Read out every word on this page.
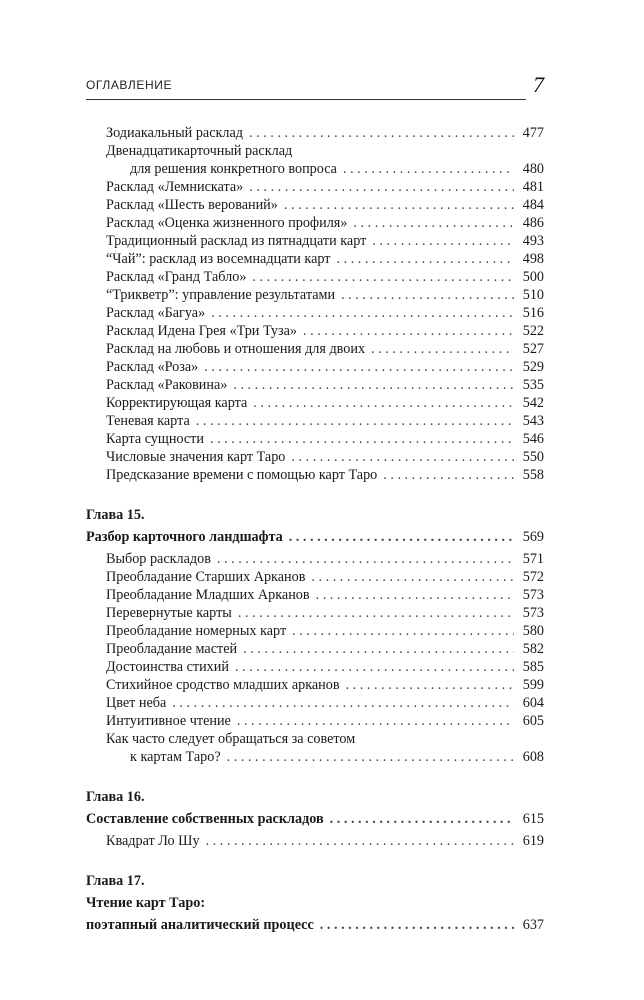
ОГЛАВЛЕНИЕ	7
Зодиакальный расклад . . .	477
Двенадцатикарточный расклад
для решения конкретного вопроса . . .	480
Расклад «Лемниската» . . .	481
Расклад «Шесть верований» . . .	484
Расклад «Оценка жизненного профиля» . . .	486
Традиционный расклад из пятнадцати карт . . .	493
“Чай”: расклад из восемнадцати карт . . .	498
Расклад «Гранд Табло» . . .	500
“Трикветр”: управление результатами . . .	510
Расклад «Багуа» . . .	516
Расклад Идена Грея «Три Туза» . . .	522
Расклад на любовь и отношения для двоих . . .	527
Расклад «Роза» . . .	529
Расклад «Раковина» . . .	535
Корректирующая карта . . .	542
Теневая карта . . .	543
Карта сущности . . .	546
Числовые значения карт Таро . . .	550
Предсказание времени с помощью карт Таро . . .	558
Глава 15.
Разбор карточного ландшафта . . .	569
Выбор раскладов . . .	571
Преобладание Старших Арканов . . .	572
Преобладание Младших Арканов . . .	573
Перевернутые карты . . .	573
Преобладание номерных карт . . .	580
Преобладание мастей . . .	582
Достоинства стихий . . .	585
Стихийное сродство младших арканов . . .	599
Цвет неба . . .	604
Интуитивное чтение . . .	605
Как часто следует обращаться за советом
к картам Таро? . . .	608
Глава 16.
Составление собственных раскладов . . .	615
Квадрат Ло Шу . . .	619
Глава 17.
Чтение карт Таро:
поэтапный аналитический процесс . . .	637
